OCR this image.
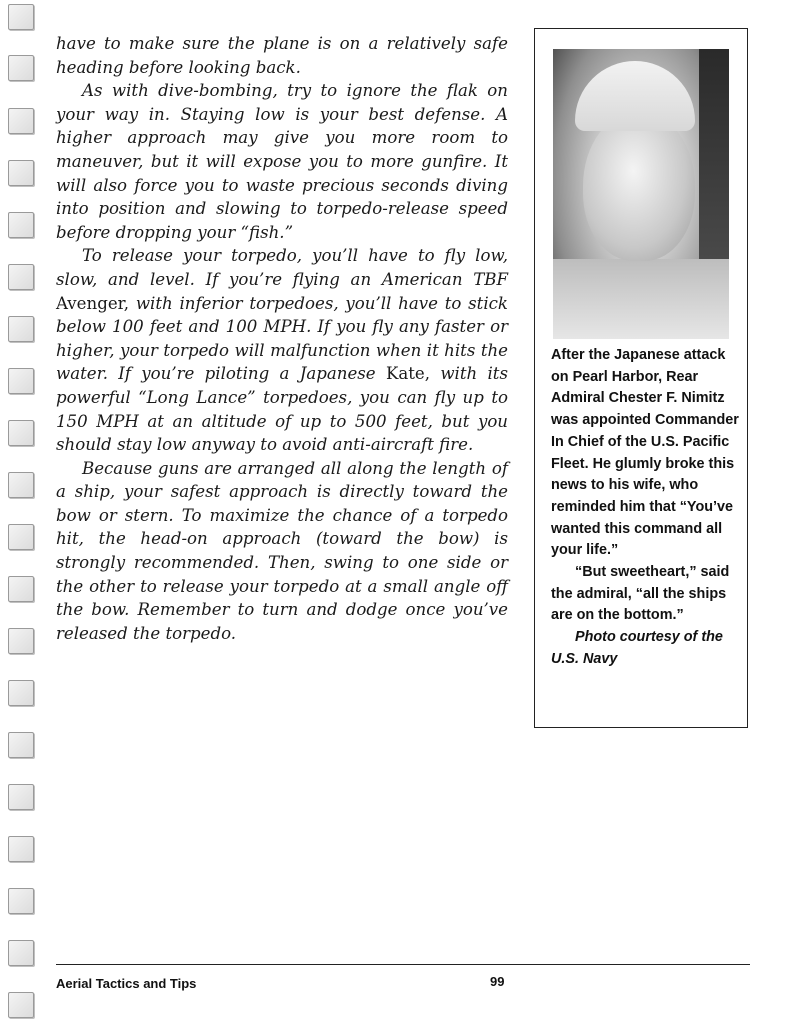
have to make sure the plane is on a relatively safe heading before looking back.

As with dive-bombing, try to ignore the flak on your way in. Staying low is your best defense. A higher approach may give you more room to maneuver, but it will expose you to more gunfire. It will also force you to waste precious seconds diving into position and slowing to torpedo-release speed before dropping your “fish.”

To release your torpedo, you’ll have to fly low, slow, and level. If you’re flying an American TBF Avenger, with inferior torpedoes, you’ll have to stick below 100 feet and 100 MPH. If you fly any faster or higher, your torpedo will malfunction when it hits the water. If you’re piloting a Japanese Kate, with its powerful “Long Lance” torpedoes, you can fly up to 150 MPH at an altitude of up to 500 feet, but you should stay low anyway to avoid anti-aircraft fire.

Because guns are arranged all along the length of a ship, your safest approach is directly toward the bow or stern. To maximize the chance of a torpedo hit, the head-on approach (toward the bow) is strongly recommended. Then, swing to one side or the other to release your torpedo at a small angle off the bow. Remember to turn and dodge once you’ve released the torpedo.

After the Japanese attack on Pearl Harbor, Rear Admiral Chester F. Nimitz was appointed Commander In Chief of the U.S. Pacific Fleet. He glumly broke this news to his wife, who reminded him that “You’ve wanted this command all your life.”

“But sweetheart,” said the admiral, “all the ships are on the bottom.”

Photo courtesy of the U.S. Navy

Aerial Tactics and Tips	99
